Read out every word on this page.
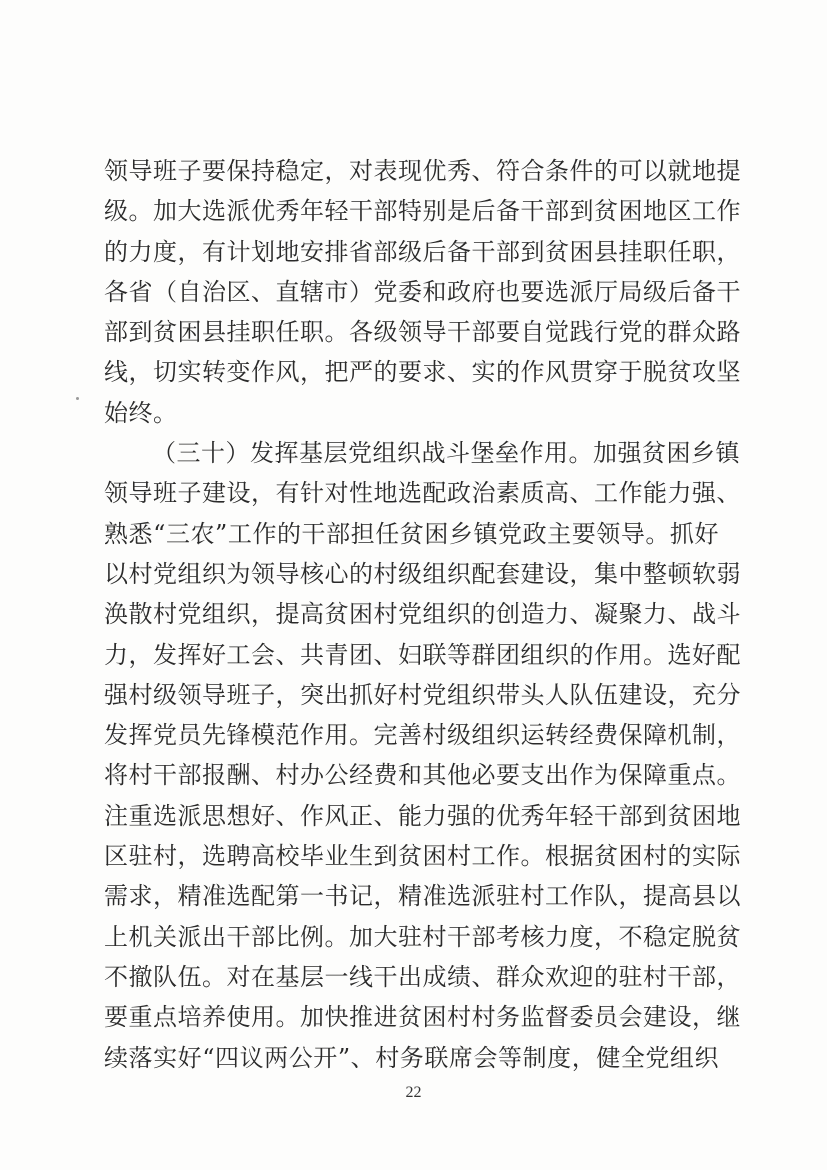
领导班子要保持稳定，对表现优秀、符合条件的可以就地提
级。加大选派优秀年轻干部特别是后备干部到贫困地区工作
的力度，有计划地安排省部级后备干部到贫困县挂职任职，
各省（自治区、直辖市）党委和政府也要选派厅局级后备干
部到贫困县挂职任职。各级领导干部要自觉践行党的群众路
线，切实转变作风，把严的要求、实的作风贯穿于脱贫攻坚
始终。
（三十）发挥基层党组织战斗堡垒作用。加强贫困乡镇
领导班子建设，有针对性地选配政治素质高、工作能力强、
熟悉“三农”工作的干部担任贫困乡镇党政主要领导。抓好
以村党组织为领导核心的村级组织配套建设，集中整顿软弱
涣散村党组织，提高贫困村党组织的创造力、凝聚力、战斗
力，发挥好工会、共青团、妇联等群团组织的作用。选好配
强村级领导班子，突出抓好村党组织带头人队伍建设，充分
发挥党员先锋模范作用。完善村级组织运转经费保障机制，
将村干部报酬、村办公经费和其他必要支出作为保障重点。
注重选派思想好、作风正、能力强的优秀年轻干部到贫困地
区驻村，选聘高校毕业生到贫困村工作。根据贫困村的实际
需求，精准选配第一书记，精准选派驻村工作队，提高县以
上机关派出干部比例。加大驻村干部考核力度，不稳定脱贫
不撤队伍。对在基层一线干出成绩、群众欢迎的驻村干部，
要重点培养使用。加快推进贫困村村务监督委员会建设，继
续落实好“四议两公开”、村务联席会等制度，健全党组织
22
